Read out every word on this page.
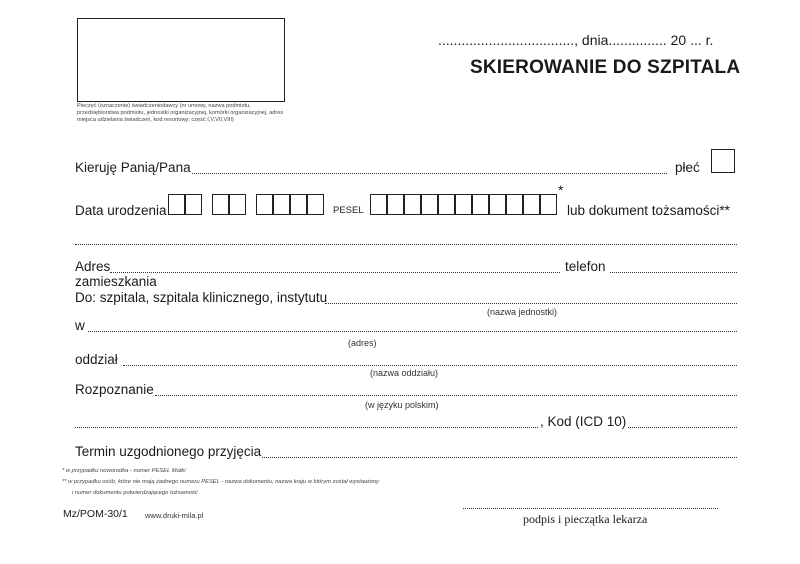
Pieczęć (oznaczenie) świadczeniodawcy (nr umowy, nazwa podmiotu, przedsiębiorstwa podmiotu, jednostki organizacyjnej, komórki organizacyjnej, adres miejsca udzielania świadczeń, kod resortowy: część I,V,VII,VIII)
..................................., dnia............... 20 ... r.
SKIEROWANIE DO SZPITALA
Kieruję Panią/Pana	płeć
Data urodzenia	PESEL
*
lub dokument tożsamości**
Adres	telefon
zamieszkania
Do: szpitala, szpitala klinicznego, instytutu
(nazwa jednostki)
w
(adres)
oddział
(nazwa oddziału)
Rozpoznanie
(w języku polskim)
, Kod (ICD 10)
Termin uzgodnionego przyjęcia
* w przypadku noworodka - numer PESEL Matki
** w przypadku osób, które nie mają żadnego numeru PESEL - nazwa dokumentu, nazwa kraju w którym został wystawiony
i numer dokumentu potwierdzającego tożsamość
Mz/POM-30/1 www.druki-mila.pl	podpis i pieczątka lekarza
